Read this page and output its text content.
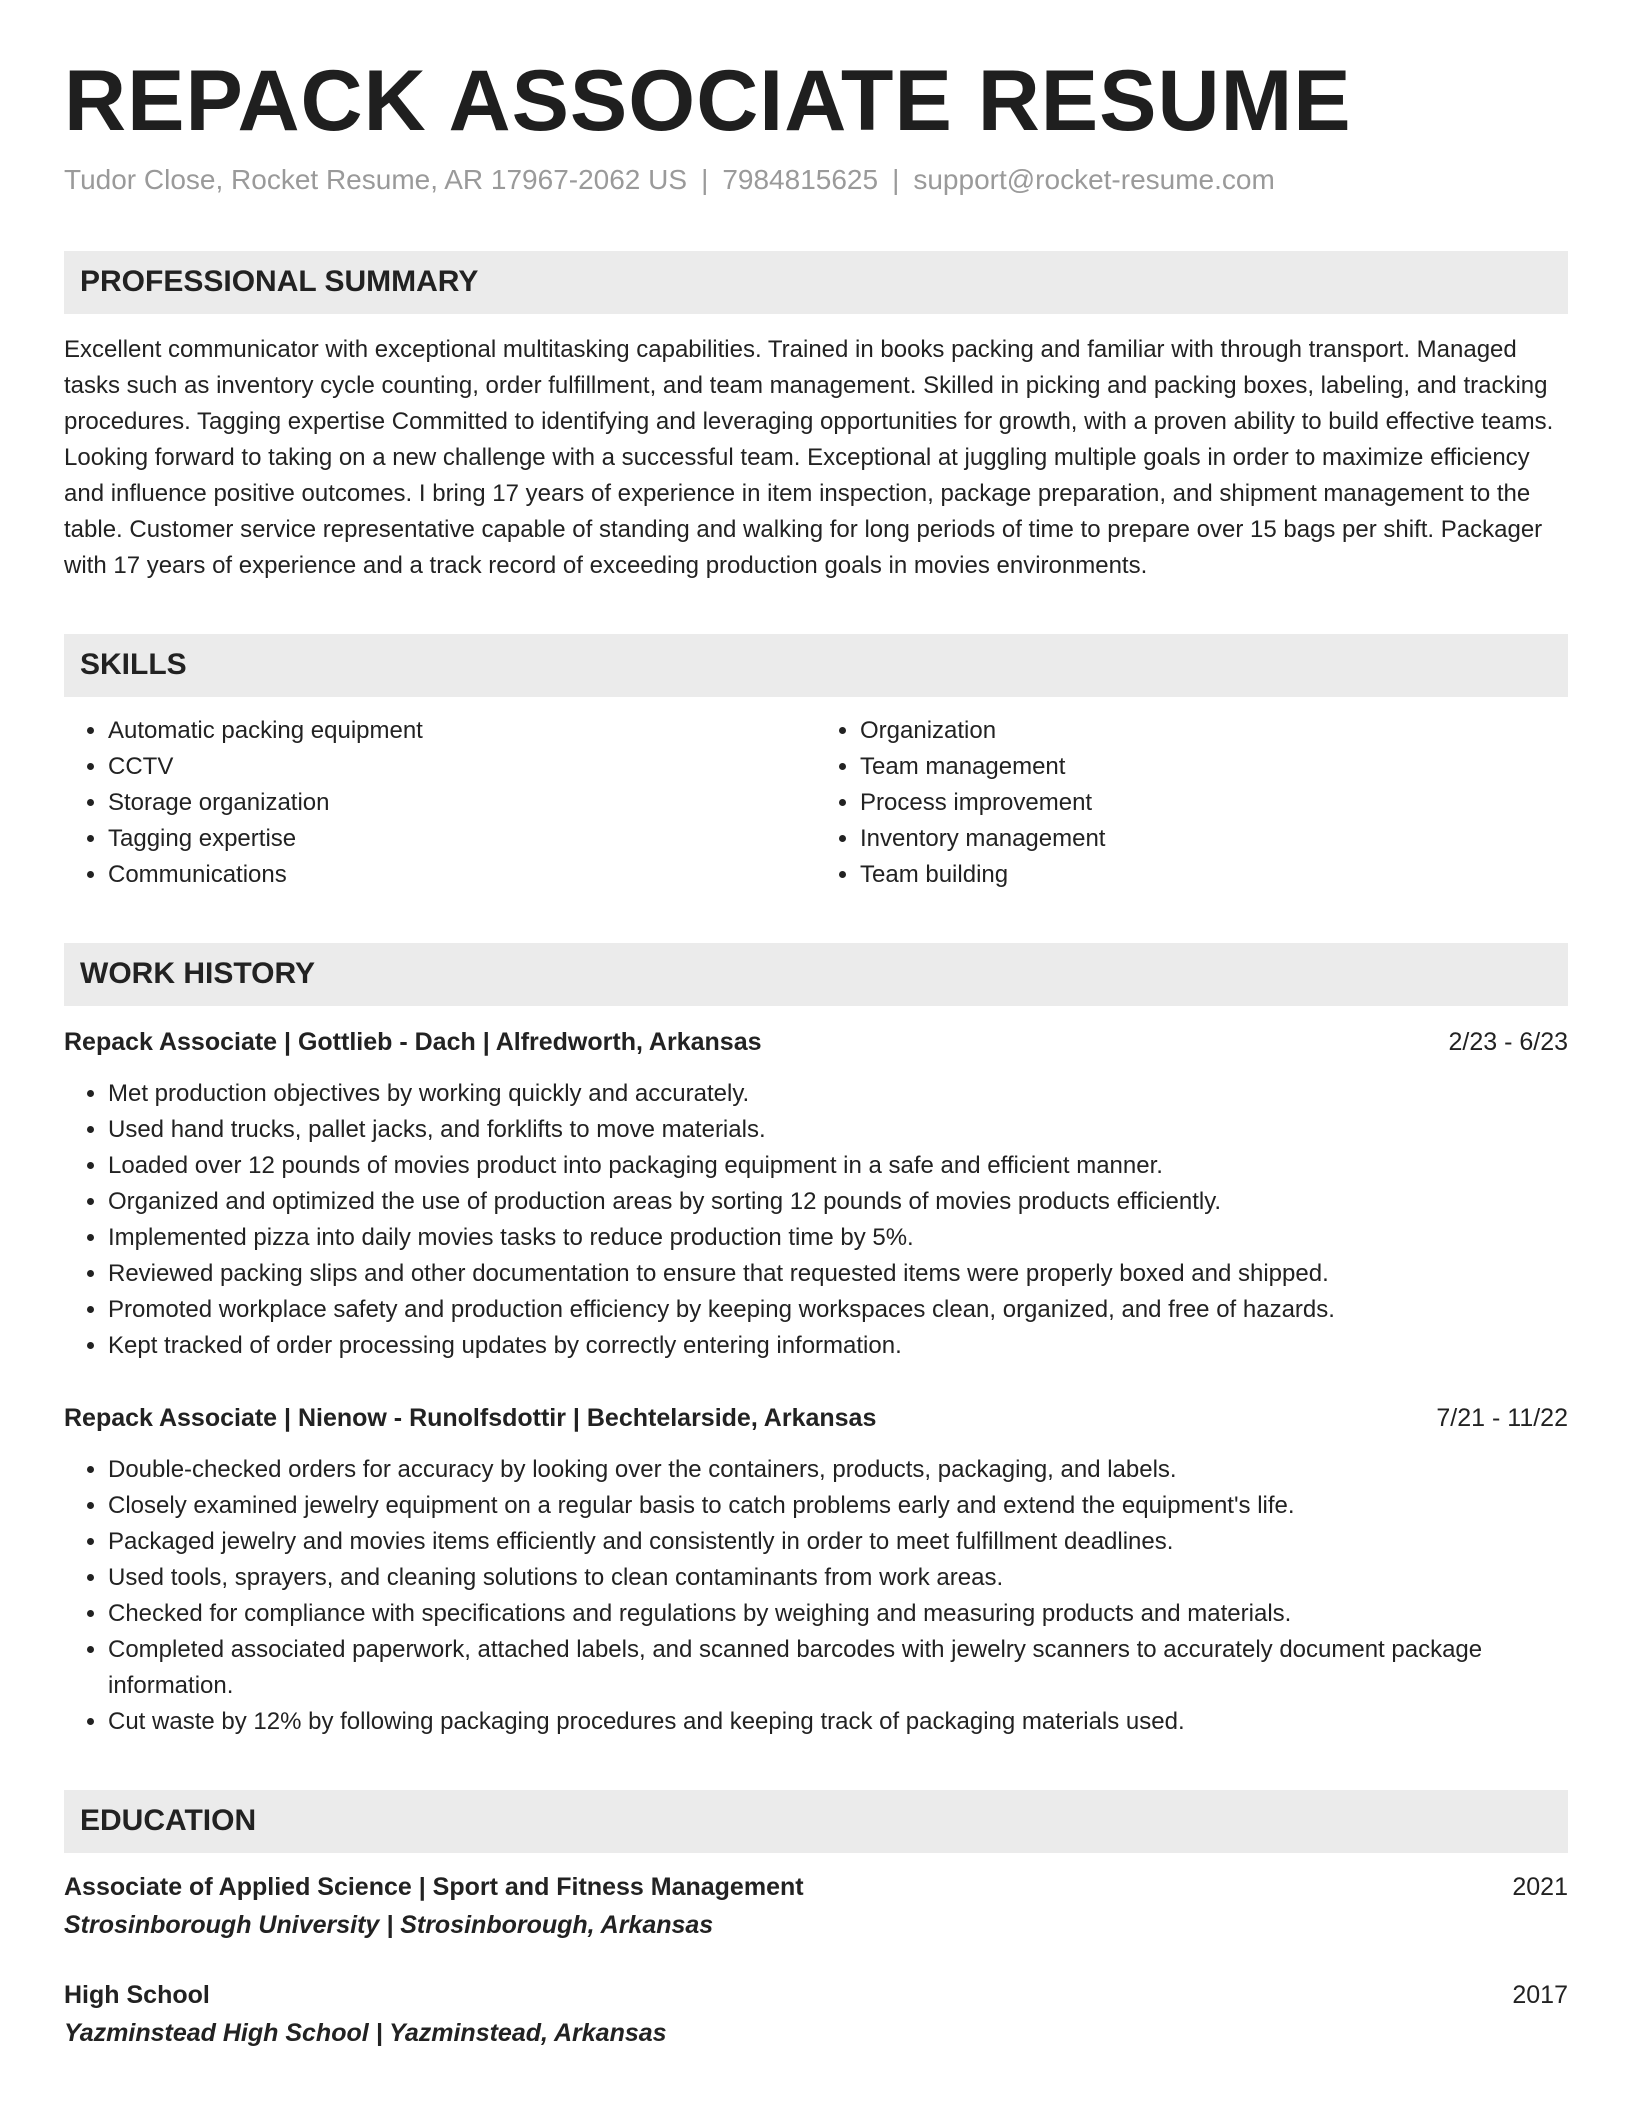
REPACK ASSOCIATE RESUME
Tudor Close, Rocket Resume, AR 17967-2062 US | 7984815625 | support@rocket-resume.com
PROFESSIONAL SUMMARY
Excellent communicator with exceptional multitasking capabilities. Trained in books packing and familiar with through transport. Managed tasks such as inventory cycle counting, order fulfillment, and team management. Skilled in picking and packing boxes, labeling, and tracking procedures. Tagging expertise Committed to identifying and leveraging opportunities for growth, with a proven ability to build effective teams. Looking forward to taking on a new challenge with a successful team. Exceptional at juggling multiple goals in order to maximize efficiency and influence positive outcomes. I bring 17 years of experience in item inspection, package preparation, and shipment management to the table. Customer service representative capable of standing and walking for long periods of time to prepare over 15 bags per shift. Packager with 17 years of experience and a track record of exceeding production goals in movies environments.
SKILLS
• Automatic packing equipment
• CCTV
• Storage organization
• Tagging expertise
• Communications
• Organization
• Team management
• Process improvement
• Inventory management
• Team building
WORK HISTORY
Repack Associate | Gottlieb - Dach | Alfredworth, Arkansas	2/23 - 6/23
• Met production objectives by working quickly and accurately.
• Used hand trucks, pallet jacks, and forklifts to move materials.
• Loaded over 12 pounds of movies product into packaging equipment in a safe and efficient manner.
• Organized and optimized the use of production areas by sorting 12 pounds of movies products efficiently.
• Implemented pizza into daily movies tasks to reduce production time by 5%.
• Reviewed packing slips and other documentation to ensure that requested items were properly boxed and shipped.
• Promoted workplace safety and production efficiency by keeping workspaces clean, organized, and free of hazards.
• Kept tracked of order processing updates by correctly entering information.
Repack Associate | Nienow - Runolfsdottir | Bechtelarside, Arkansas	7/21 - 11/22
• Double-checked orders for accuracy by looking over the containers, products, packaging, and labels.
• Closely examined jewelry equipment on a regular basis to catch problems early and extend the equipment's life.
• Packaged jewelry and movies items efficiently and consistently in order to meet fulfillment deadlines.
• Used tools, sprayers, and cleaning solutions to clean contaminants from work areas.
• Checked for compliance with specifications and regulations by weighing and measuring products and materials.
• Completed associated paperwork, attached labels, and scanned barcodes with jewelry scanners to accurately document package information.
• Cut waste by 12% by following packaging procedures and keeping track of packaging materials used.
EDUCATION
Associate of Applied Science | Sport and Fitness Management	2021
Strosinborough University | Strosinborough, Arkansas
High School	2017
Yazminstead High School | Yazminstead, Arkansas
